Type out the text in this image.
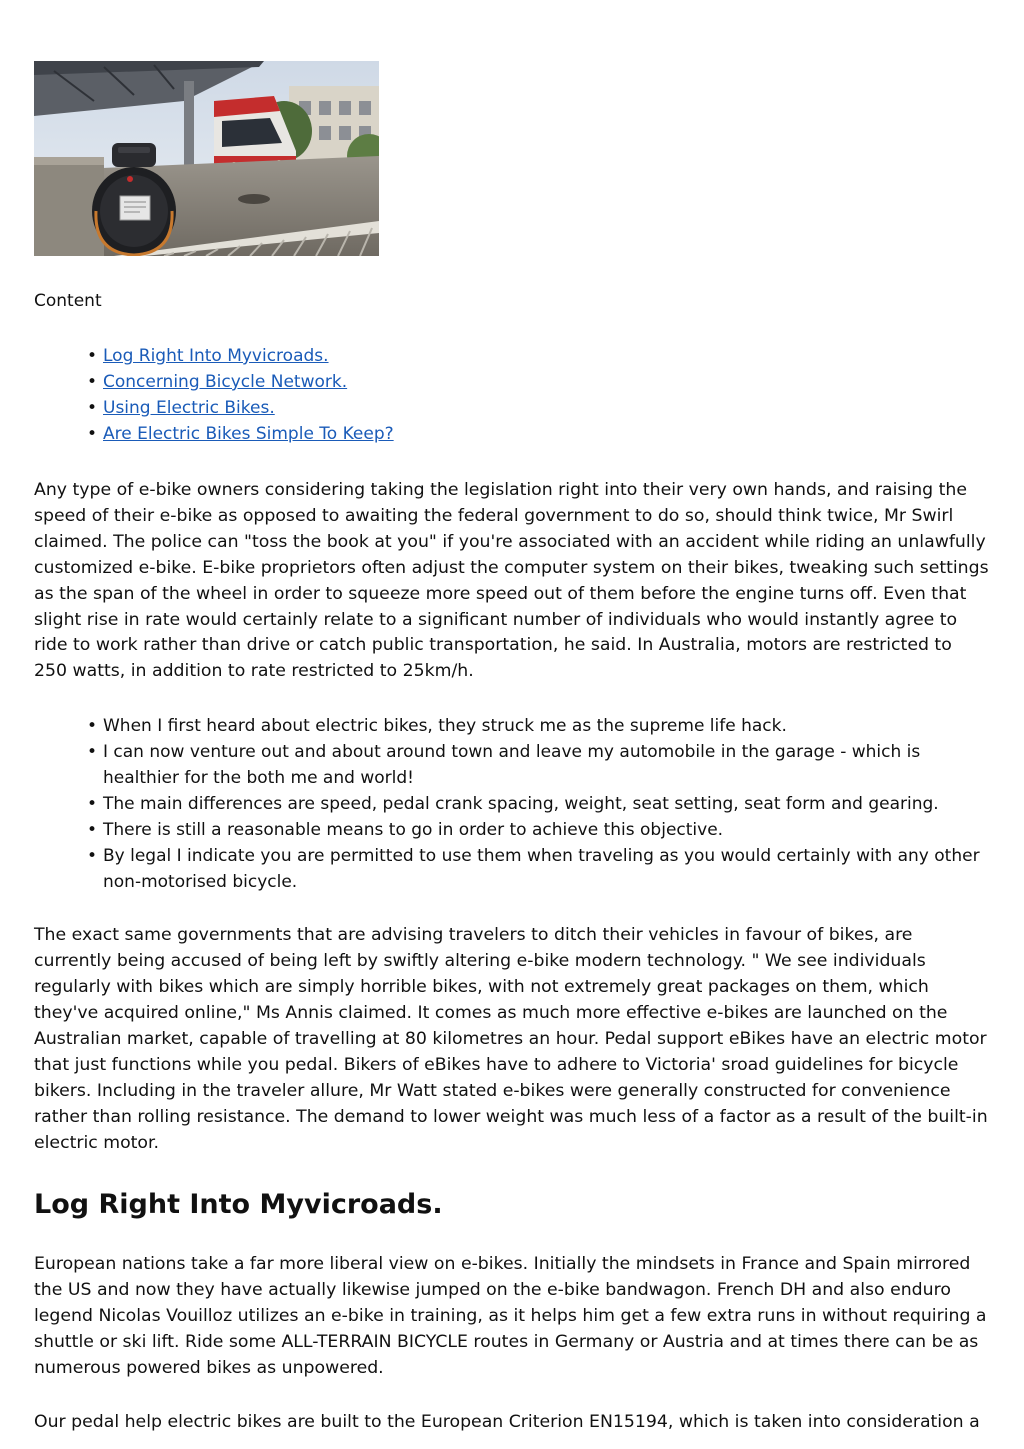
Content
• Log Right Into Myvicroads.
• Concerning Bicycle Network.
• Using Electric Bikes.
• Are Electric Bikes Simple To Keep?

Any type of e-bike owners considering taking the legislation right into their very own hands, and raising the speed of their e-bike as opposed to awaiting the federal government to do so, should think twice, Mr Swirl claimed. The police can "toss the book at you" if you're associated with an accident while riding an unlawfully customized e-bike. E-bike proprietors often adjust the computer system on their bikes, tweaking such settings as the span of the wheel in order to squeeze more speed out of them before the engine turns off. Even that slight rise in rate would certainly relate to a significant number of individuals who would instantly agree to ride to work rather than drive or catch public transportation, he said. In Australia, motors are restricted to 250 watts, in addition to rate restricted to 25km/h.

• When I first heard about electric bikes, they struck me as the supreme life hack.
• I can now venture out and about around town and leave my automobile in the garage - which is healthier for the both me and world!
• The main differences are speed, pedal crank spacing, weight, seat setting, seat form and gearing.
• There is still a reasonable means to go in order to achieve this objective.
• By legal I indicate you are permitted to use them when traveling as you would certainly with any other non-motorised bicycle.

The exact same governments that are advising travelers to ditch their vehicles in favour of bikes, are currently being accused of being left by swiftly altering e-bike modern technology. " We see individuals regularly with bikes which are simply horrible bikes, with not extremely great packages on them, which they've acquired online," Ms Annis claimed. It comes as much more effective e-bikes are launched on the Australian market, capable of travelling at 80 kilometres an hour. Pedal support eBikes have an electric motor that just functions while you pedal. Bikers of eBikes have to adhere to Victoria' sroad guidelines for bicycle bikers. Including in the traveler allure, Mr Watt stated e-bikes were generally constructed for convenience rather than rolling resistance. The demand to lower weight was much less of a factor as a result of the built-in electric motor.

Log Right Into Myvicroads.

European nations take a far more liberal view on e-bikes. Initially the mindsets in France and Spain mirrored the US and now they have actually likewise jumped on the e-bike bandwagon. French DH and also enduro legend Nicolas Vouilloz utilizes an e-bike in training, as it helps him get a few extra runs in without requiring a shuttle or ski lift. Ride some ALL-TERRAIN BICYCLE routes in Germany or Austria and at times there can be as numerous powered bikes as unpowered.

Our pedal help electric bikes are built to the European Criterion EN15194, which is taken into consideration a
